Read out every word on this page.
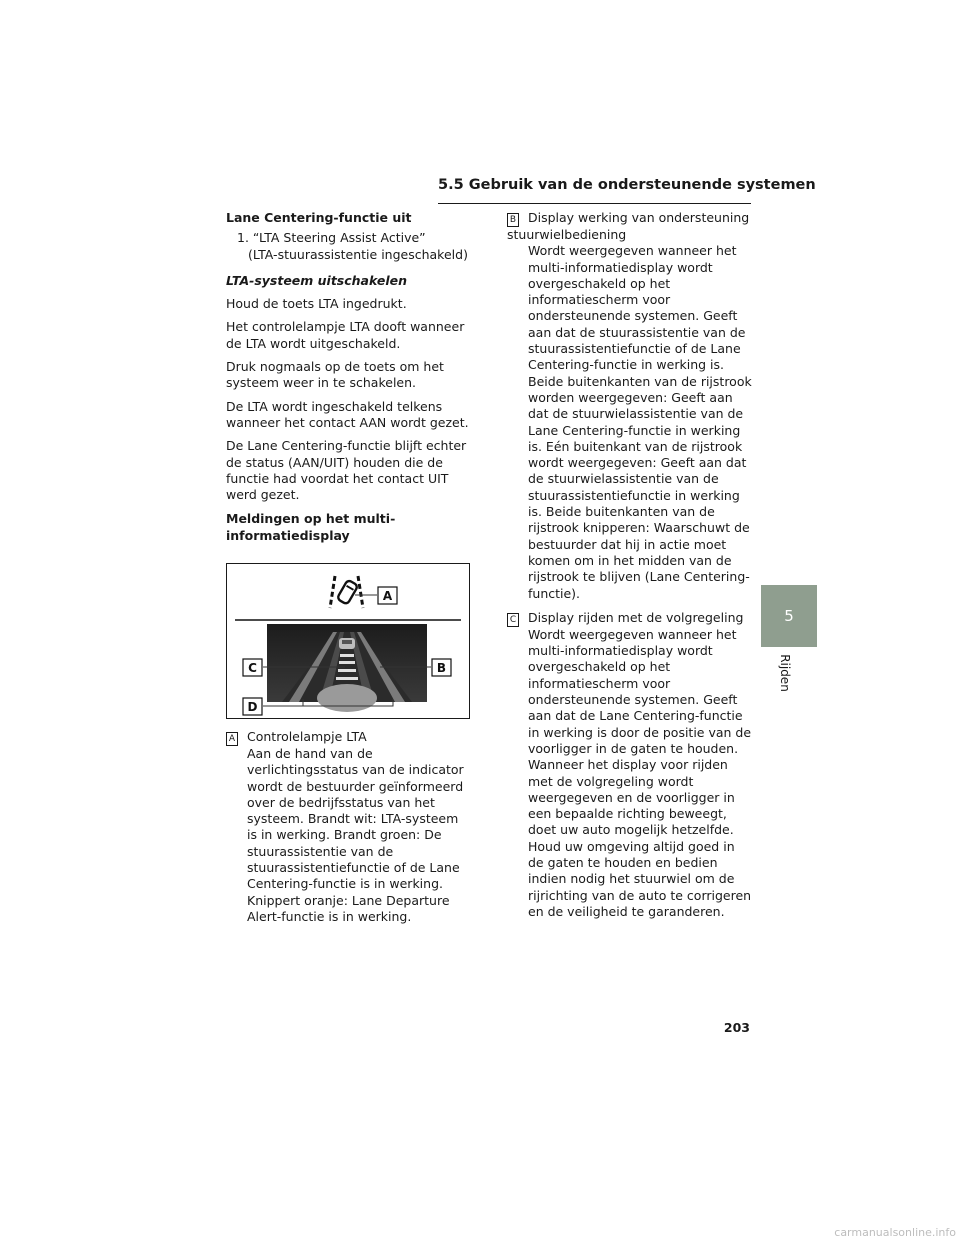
5.5 Gebruik van de ondersteunende systemen

Lane Centering-functie uit

1. “LTA Steering Assist Active”
(LTA-stuurassistentie ingeschakeld)

LTA-systeem uitschakelen

Houd de toets LTA ingedrukt.

Het controlelampje LTA dooft wanneer de LTA wordt uitgeschakeld.

Druk nogmaals op de toets om het systeem weer in te schakelen.

De LTA wordt ingeschakeld telkens wanneer het contact AAN wordt gezet.

De Lane Centering-functie blijft echter de status (AAN/UIT) houden die de functie had voordat het contact UIT werd gezet.

Meldingen op het multi-informatiedisplay

A
B
C
D
A Controlelampje LTA
Aan de hand van de verlichtingsstatus van de indicator wordt de bestuurder geïnformeerd over de bedrijfsstatus van het systeem. Brandt wit: LTA-systeem is in werking. Brandt groen: De stuurassistentie van de stuurassistentiefunctie of de Lane Centering-functie is in werking. Knippert oranje: Lane Departure Alert-functie is in werking.
B Display werking van ondersteuning stuurwielbediening
Wordt weergegeven wanneer het multi-informatiedisplay wordt overgeschakeld op het informatiescherm voor ondersteunende systemen. Geeft aan dat de stuurassistentie van de stuurassistentiefunctie of de Lane Centering-functie in werking is. Beide buitenkanten van de rijstrook worden weergegeven: Geeft aan dat de stuurwielassistentie van de Lane Centering-functie in werking is. Eén buitenkant van de rijstrook wordt weergegeven: Geeft aan dat de stuurwielassistentie van de stuurassistentiefunctie in werking is. Beide buitenkanten van de rijstrook knipperen: Waarschuwt de bestuurder dat hij in actie moet komen om in het midden van de rijstrook te blijven (Lane Centering-functie).
C Display rijden met de volgregeling
Wordt weergegeven wanneer het multi-informatiedisplay wordt overgeschakeld op het informatiescherm voor ondersteunende systemen. Geeft aan dat de Lane Centering-functie in werking is door de positie van de voorligger in de gaten te houden. Wanneer het display voor rijden met de volgregeling wordt weergegeven en de voorligger in een bepaalde richting beweegt, doet uw auto mogelijk hetzelfde. Houd uw omgeving altijd goed in de gaten te houden en bedien indien nodig het stuurwiel om de rijrichting van de auto te corrigeren en de veiligheid te garanderen.
5
Rijden
203
carmanualsonline.info
